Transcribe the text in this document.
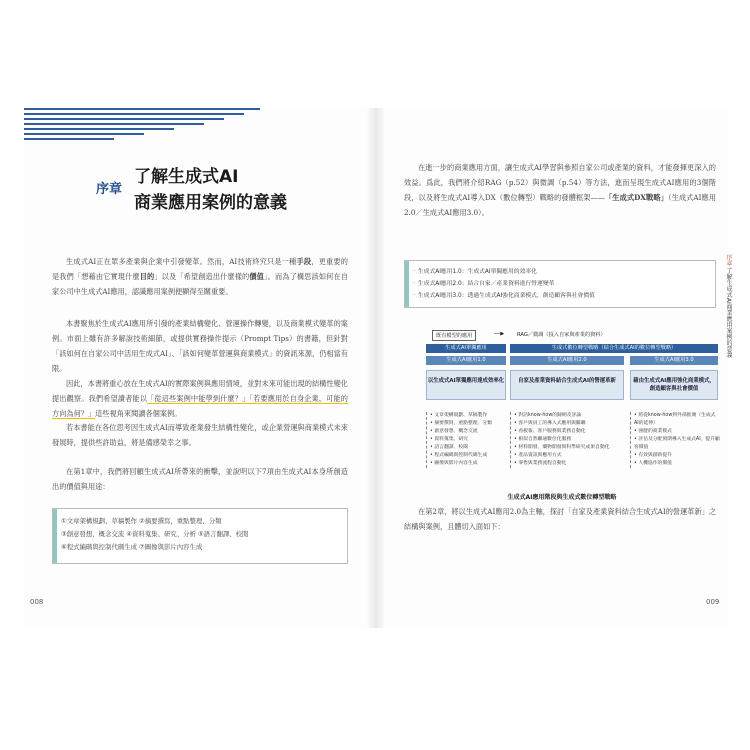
序章
了解生成式AI
商業應用案例的意義

生成式AI正在眾多產業與企業中引發變革。然而，AI技術終究只是一種手段，更重要的是我們「想藉由它實現什麼目的」以及「希望創造出什麼樣的價值」。而為了構思該如何在自家公司中生成式AI應用，認識應用案例便顯得至關重要。

本書聚焦於生成式AI應用所引發的產業結構變化、營運操作轉變，以及商業模式變革的案例。市面上雖有許多解說技術細節，或提供實務操作提示（Prompt Tips）的書籍，但針對「該如何在自家公司中活用生成式AI」、「該如何變革營運與商業模式」的資訊來源，仍相當有限。

因此，本書將重心放在生成式AI的實際案例與應用情境，並對未來可能出現的結構性變化提出觀察。我們希望讀者能以「從這些案例中能學到什麼？」「若要應用於自身企業，可能的方向為何？」這些視角來閱讀各個案例。

若本書能在各位思考因生成式AI而導致產業發生結構性變化，或企業營運與商業模式未來發展時，提供些許助益，將是備感榮幸之事。

在第1章中，我們將回顧生成式AI所帶來的衝擊，並說明以下7項由生成式AI本身所創造出的價值與用途：

①文章架構規劃、草稿製作 ②摘要撰寫，重點整理、分類
③創意發想、概念交流 ④資料蒐集、研究、分析 ⑤語言翻譯、校閱
⑥程式編碼與控制代碼生成 ⑦圖像與影片內容生成
008

在進一步的商業應用方面，讓生成式AI學習與參照自家公司或產業的資料，才能發揮更深入的效益。爲此，我們將介紹RAG（p.52）與微調（p.54）等方法，進而呈現生成式AI應用的3個階段，以及將生成式AI導入DX（數位轉型）戰略的發體框架——「生成式DX戰略」（生成式AI應用2.0／生成式AI應用3.0）。

· 生成式AI應用1.0：生成式AI單獨應用的效率化
· 生成式AI應用2.0：結合自家／產業資料進行營運變革
· 生成式AI應用3.0：透過生成式AI強化商業模式，創造顧客與社會價值
既有模型的應用	──▶	RAG／微調（投入自家與產業的資料）
生成式AI單獨應用	生成式數位轉型戰略（結合生成式AI的數位轉型戰略）
生成式AI應用1.0	生成式AI應用2.0	生成式AI應用3.0
以生成式AI單獨應用達成效率化	自家及產業資料結合生成式AI的營運革新	藉由生成式AI應用強化商業模式，創造顧客與社會價值
• 文章架構規劃、草稿製作
• 摘要撰寫，重點整理、分類
• 創意發想、概念交流
• 資料蒐集、研究
• 語言翻譯、校閱
• 程式編碼與控制代碼生成
• 圖像與影片內容生成
• 對話know-how的歸納及評論
• 客戶與員工的導入式應用與關聯
• 看板報、客戶服務與業務自動化
• 相似自然聯通數位化服務
• 材料開發、藥物開發與科學研究成果自動化
• 產品資訊與應用方式
• 零售與業務流程自動化
• 將從know-how到外部推廣（生成式AI的延伸）
• 強健的商業模式
• 評估及分配預期導入生成式AI，提升顧客價值
• 有效與創新提升
• 人機協作的價值
生成式AI應用階段與生成式數位轉型戰略

在第2章，將以生成式AI應用2.0為主軸，探討「自家及產業資料結合生成式AI的營運革新」之結構與案例，且體切入面如下：

序章 了解生成式AI商業應用案例的意義
009
